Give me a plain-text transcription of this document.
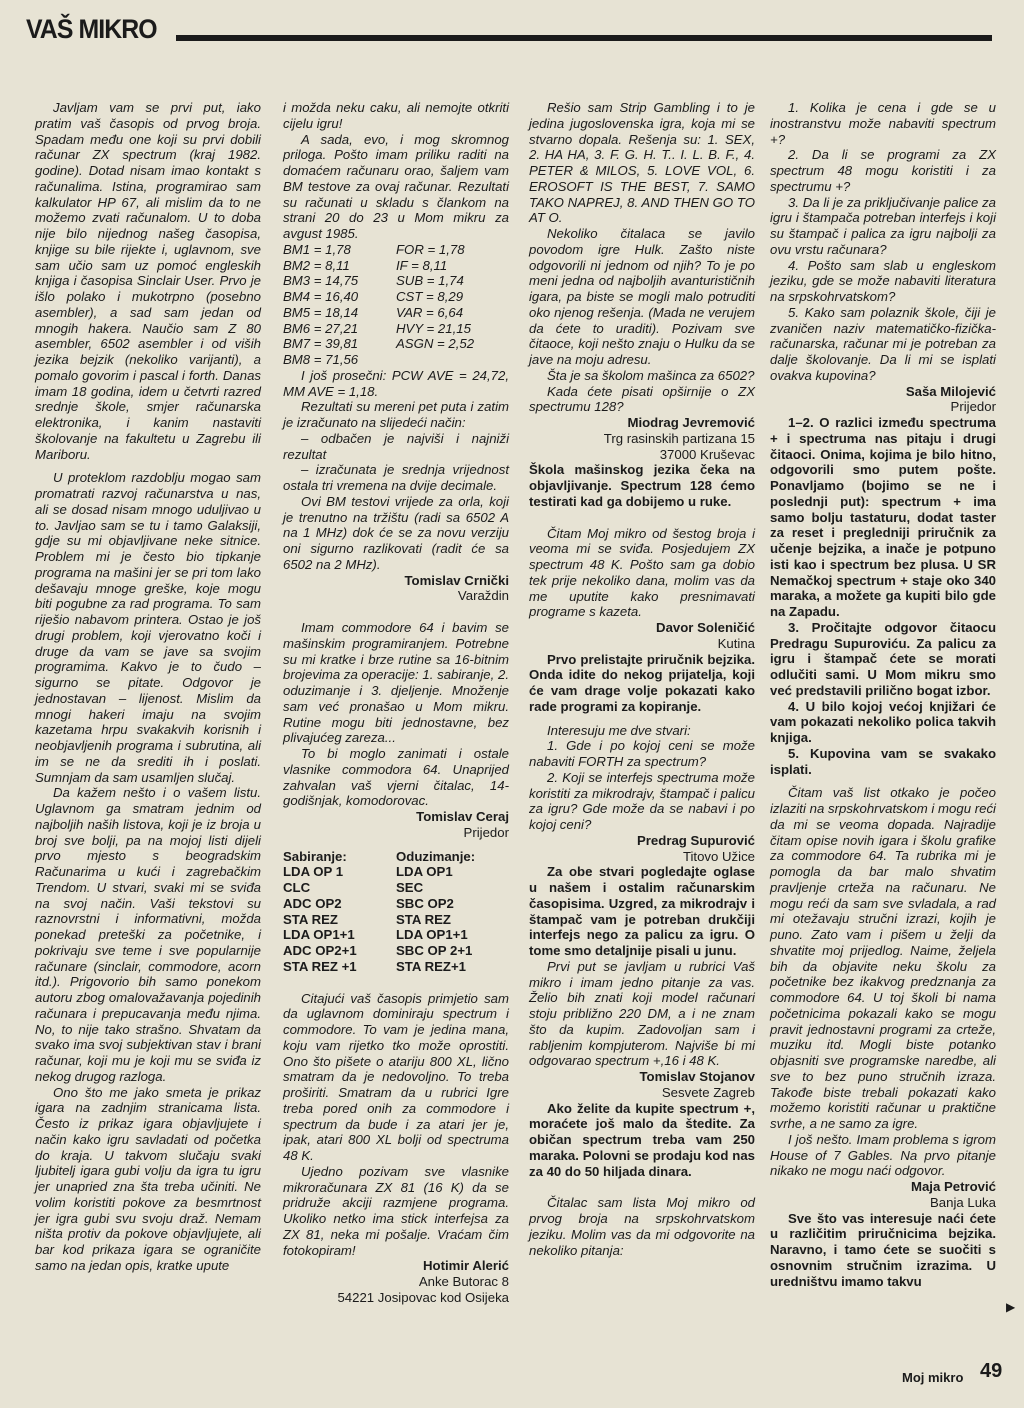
VAŠ MIKRO

Javljam vam se prvi put, iako pratim vaš časopis od prvog broja. Spadam među one koji su prvi dobili računar ZX spectrum (kraj 1982. godine). Dotad nisam imao kontakt s računalima. Istina, programirao sam kalkulator HP 67, ali mislim da to ne možemo zvati računalom. U to doba nije bilo nijednog našeg časopisa, knjige su bile rijekte i, uglavnom, sve sam učio sam uz pomoć engleskih knjiga i časopisa Sinclair User. Prvo je išlo polako i mukotrpno (posebno asembler), a sad sam jedan od mnogih hakera. Naučio sam Z 80 asembler, 6502 asembler i od viših jezika bejzik (nekoliko varijanti), a pomalo govorim i pascal i forth. Danas imam 18 godina, idem u četvrti razred srednje škole, smjer računarska elektronika, i kanim nastaviti školovanje na fakultetu u Zagrebu ili Mariboru.

U proteklom razdoblju mogao sam promatrati razvoj računarstva u nas, ali se dosad nisam mnogo uduljivao u to. Javljao sam se tu i tamo Galaksiji, gdje su mi objavljivane neke sitnice. Problem mi je često bio tipkanje programa na mašini jer se pri tom lako dešavaju mnoge greške, koje mogu biti pogubne za rad programa. To sam riješio nabavom printera. Ostao je još drugi problem, koji vjerovatno koči i druge da vam se jave sa svojim programima. Kakvo je to čudo – sigurno se pitate. Odgovor je jednostavan – lijenost. Mislim da mnogi hakeri imaju na svojim kazetama hrpu svakakvih korisnih i neobjavljenih programa i subrutina, ali im se ne da srediti ih i poslati. Sumnjam da sam usamljen slučaj.

Da kažem nešto i o vašem listu. Uglavnom ga smatram jednim od najboljih naših listova, koji je iz broja u broj sve bolji, pa na mojoj listi dijeli prvo mjesto s beogradskim Računarima u kući i zagrebačkim Trendom. U stvari, svaki mi se sviđa na svoj način. Vaši tekstovi su raznovrstni i informativni, možda ponekad preteški za početnike, i pokrivaju sve teme i sve popularnije računare (sinclair, commodore, acorn itd.). Prigovorio bih samo ponekom autoru zbog omalovažavanja pojedinih računara i prepucavanja među njima. No, to nije tako strašno. Shvatam da svako ima svoj subjektivan stav i brani računar, koji mu je koji mu se sviđa iz nekog drugog razloga.

Ono što me jako smeta je prikaz igara na zadnjim stranicama lista. Često iz prikaz igara objavljujete i način kako igru savladati od početka do kraja. U takvom slučaju svaki ljubitelj igara gubi volju da igra tu igru jer unapried zna šta treba učiniti. Ne volim koristiti pokove za besmrtnost jer igra gubi svu svoju draž. Nemam ništa protiv da pokove objavljujete, ali bar kod prikaza igara se ograničite samo na jedan opis, kratke upute

i možda neku caku, ali nemojte otkriti cijelu igru!

A sada, evo, i mog skromnog priloga. Pošto imam priliku raditi na domaćem računaru orao, šaljem vam BM testove za ovaj računar. Rezultati su računati u skladu s člankom na strani 20 do 23 u Mom mikru za avgust 1985.

BM1 = 1,78	FOR = 1,78
BM2 = 8,11	IF = 8,11
BM3 = 14,75	SUB = 1,74
BM4 = 16,40	CST = 8,29
BM5 = 18,14	VAR = 6,64
BM6 = 27,21	HVY = 21,15
BM7 = 39,81	ASGN = 2,52
BM8 = 71,56	

I još prosečni: PCW AVE = 24,72, MM AVE = 1,18.

Rezultati su mereni pet puta i zatim je izračunato na slijedeći način:

– odbačen je najviši i najniži rezultat

– izračunata je srednja vrijednost ostala tri vremena na dvije decimale.

Ovi BM testovi vrijede za orla, koji je trenutno na tržištu (radi sa 6502 A na 1 MHz) dok će se za novu verziju oni sigurno razlikovati (radit će sa 6502 na 2 MHz).

Tomislav Crnički

Varaždin

Imam commodore 64 i bavim se mašinskim programiranjem. Potrebne su mi kratke i brze rutine sa 16-bitnim brojevima za operacije: 1. sabiranje, 2. oduzimanje i 3. djeljenje. Množenje sam već pronašao u Mom mikru. Rutine mogu biti jednostavne, bez plivajućeg zareza...

To bi moglo zanimati i ostale vlasnike commodora 64. Unaprijed zahvalan vaš vjerni čitalac, 14-godišnjak, komodorovac.

Tomislav Ceraj

Prijedor

Sabiranje:	Oduzimanje:
LDA OP 1	LDA OP1
CLC	SEC
ADC OP2	SBC OP2
STA REZ	STA REZ
LDA OP1+1	LDA OP1+1
ADC OP2+1	SBC OP 2+1
STA REZ +1	STA REZ+1

Citajući vaš časopis primjetio sam da uglavnom dominiraju spectrum i commodore. To vam je jedina mana, koju vam rijetko tko može oprostiti. Ono što pišete o atariju 800 XL, lično smatram da je nedovoljno. To treba proširiti. Smatram da u rubrici Igre treba pored onih za commodore i spectrum da bude i za atari jer je, ipak, atari 800 XL bolji od spectruma 48 K.

Ujedno pozivam sve vlasnike mikroračunara ZX 81 (16 K) da se pridruže akciji razmjene programa. Ukoliko netko ima stick interfejsa za ZX 81, neka mi pošalje. Vraćam čim fotokopiram!

Hotimir Alerić

Anke Butorac 8

54221 Josipovac kod Osijeka

Rešio sam Strip Gambling i to je jedina jugoslovenska igra, koja mi se stvarno dopala. Rešenja su: 1. SEX, 2. HA HA, 3. F. G. H. T.. I. L. B. F., 4. PETER & MILOS, 5. LOVE VOL, 6. EROSOFT IS THE BEST, 7. SAMO TAKO NAPREJ, 8. AND THEN GO TO AT O.

Nekoliko čitalaca se javilo povodom igre Hulk. Zašto niste odgovorili ni jednom od njih? To je po meni jedna od najboljih avanturističnih igara, pa biste se mogli malo potruditi oko njenog rešenja. (Mada ne verujem da ćete to uraditi). Pozivam sve čitaoce, koji nešto znaju o Hulku da se jave na moju adresu.

Šta je sa školom mašinca za 6502?

Kada ćete pisati opširnije o ZX spectrumu 128?

Miodrag Jevremović

Trg rasinskih partizana 15

37000 Kruševac

Škola mašinskog jezika čeka na objavljivanje. Spectrum 128 ćemo testirati kad ga dobijemo u ruke.

Čitam Moj mikro od šestog broja i veoma mi se sviđa. Posjedujem ZX spectrum 48 K. Pošto sam ga dobio tek prije nekoliko dana, molim vas da me uputite kako presnimavati programe s kazeta.

Davor Soleničić

Kutina

Prvo prelistajte priručnik bejzika. Onda idite do nekog prijatelja, koji će vam drage volje pokazati kako rade programi za kopiranje.

Interesuju me dve stvari:

1. Gde i po kojoj ceni se može nabaviti FORTH za spectrum?

2. Koji se interfejs spectruma može koristiti za mikrodrajv, štampač i palicu za igru? Gde može da se nabavi i po kojoj ceni?

Predrag Supurović

Titovo Užice

Za obe stvari pogledajte oglase u našem i ostalim računarskim časopisima. Uzgred, za mikrodrajv i štampač vam je potreban drukčiji interfejs nego za palicu za igru. O tome smo detaljnije pisali u junu.

Prvi put se javljam u rubrici Vaš mikro i imam jedno pitanje za vas. Želio bih znati koji model računari stoju približno 220 DM, a i ne znam što da kupim. Zadovoljan sam i rabljenim kompjuterom. Najviše bi mi odgovarao spectrum +,16 i 48 K.

Tomislav Stojanov

Sesvete Zagreb

Ako želite da kupite spectrum +, moraćete još malo da štedite. Za običan spectrum treba vam 250 maraka. Polovni se prodaju kod nas za 40 do 50 hiljada dinara.

Čitalac sam lista Moj mikro od prvog broja na srpskohrvatskom jeziku. Molim vas da mi odgovorite na nekoliko pitanja:

1. Kolika je cena i gde se u inostranstvu može nabaviti spectrum +?

2. Da li se programi za ZX spectrum 48 mogu koristiti i za spectrumu +?

3. Da li je za priključivanje palice za igru i štampača potreban interfejs i koji su štampač i palica za igru najbolji za ovu vrstu računara?

4. Pošto sam slab u engleskom jeziku, gde se može nabaviti literatura na srpskohrvatskom?

5. Kako sam polaznik škole, čiji je zvaničen naziv matematičko-fizička-računarska, računar mi je potreban za dalje školovanje. Da li mi se isplati ovakva kupovina?

Saša Milojević

Prijedor

1–2. O razlici između spectruma + i spectruma nas pitaju i drugi čitaoci. Onima, kojima je bilo hitno, odgovorili smo putem pošte. Ponavljamo (bojimo se ne i poslednji put): spectrum + ima samo bolju tastaturu, dodat taster za reset i pregledniji priručnik za učenje bejzika, a inače je potpuno isti kao i spectrum bez plusa. U SR Nemačkoj spectrum + staje oko 340 maraka, a možete ga kupiti bilo gde na Zapadu.

3. Pročitajte odgovor čitaocu Predragu Supuroviću. Za palicu za igru i štampač ćete se morati odlučiti sami. U Mom mikru smo već predstavili prilično bogat izbor.

4. U bilo kojoj većoj knjižari će vam pokazati nekoliko polica takvih knjiga.

5. Kupovina vam se svakako isplati.

Čitam vaš list otkako je počeo izlaziti na srpskohrvatskom i mogu reći da mi se veoma dopada. Najradije čitam opise novih igara i školu grafike za commodore 64. Ta rubrika mi je pomogla da bar malo shvatim pravljenje crteža na računaru. Ne mogu reći da sam sve svladala, a rad mi otežavaju stručni izrazi, kojih je puno. Zato vam i pišem u želji da shvatite moj prijedlog. Naime, željela bih da objavite neku školu za početnike bez ikakvog predznanja za commodore 64. U toj školi bi nama početnicima pokazali kako se mogu pravit jednostavni programi za crteže, muziku itd. Mogli biste potanko objasniti sve programske naredbe, ali sve to bez puno stručnih izraza. Takođe biste trebali pokazati kako možemo koristiti računar u praktične svrhe, a ne samo za igre.

I još nešto. Imam problema s igrom House of 7 Gables. Na prvo pitanje nikako ne mogu naći odgovor.

Maja Petrović

Banja Luka

Sve što vas interesuje naći ćete u različitim priručnicima bejzika. Naravno, i tamo ćete se suočiti s osnovnim stručnim izrazima. U uredništvu imamo takvu

▶
Moj mikro 49
